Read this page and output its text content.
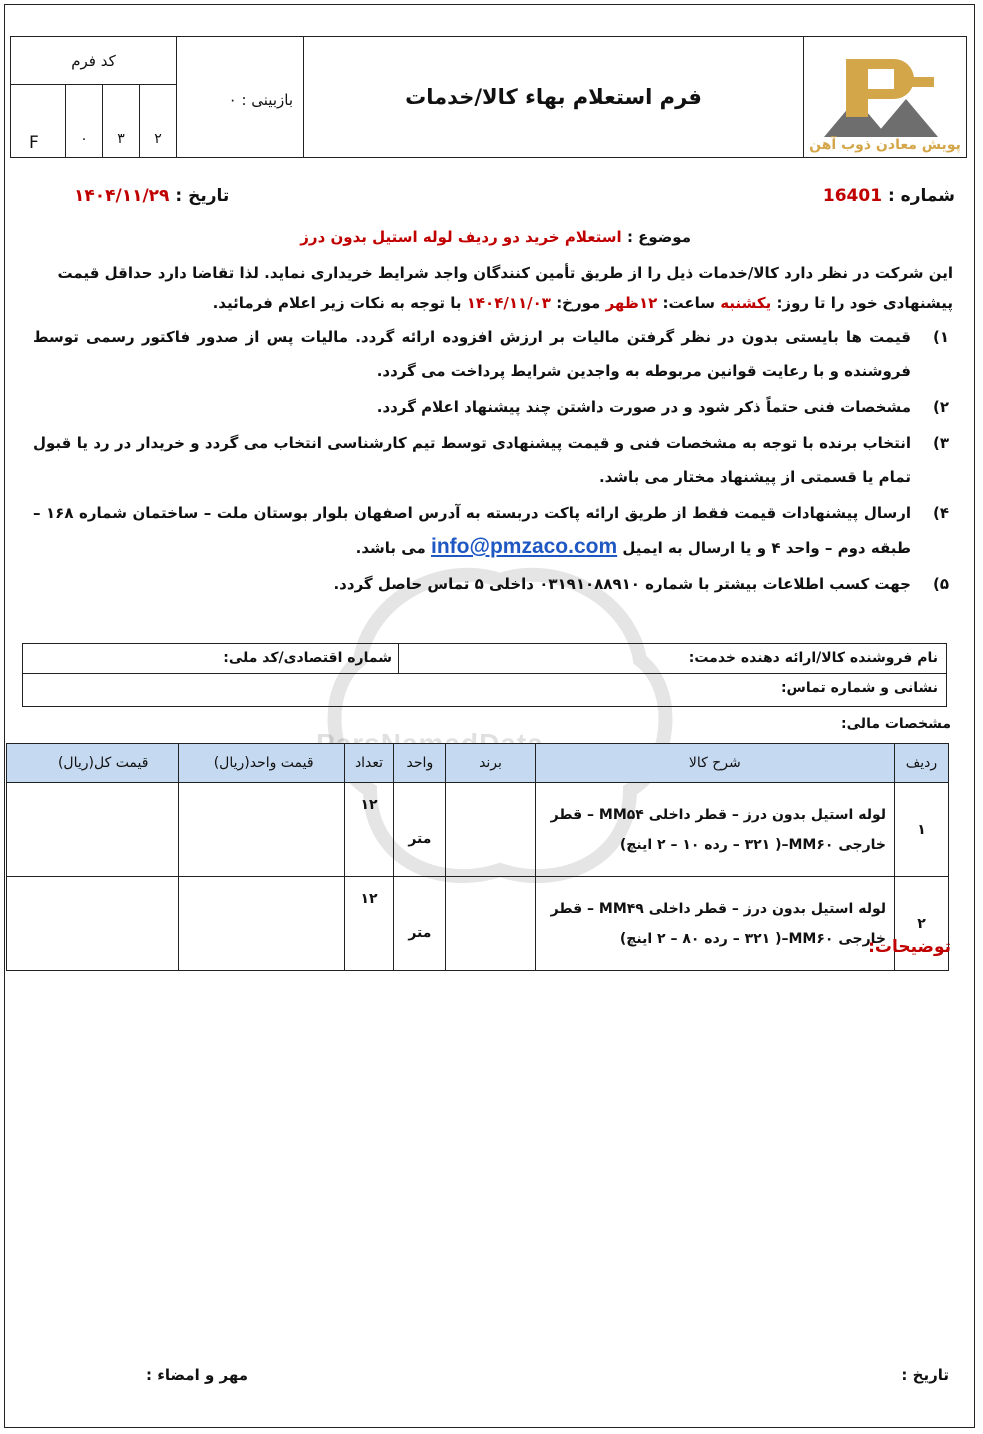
پویش معادن ذوب آهن
فرم استعلام بهاء کالا/خدمات
بازبینی : ۰
کد فرم
F	۰	۳	۲
شماره : 16401
تاریخ : ۱۴۰۴/۱۱/۲۹
موضوع : استعلام خرید دو ردیف لوله استیل بدون درز

این شرکت در نظر دارد کالا/خدمات ذیل را از طریق تأمین کنندگان واجد شرایط خریداری نماید. لذا تقاضا دارد حداقل قیمت

پیشنهادی خود را تا روز: یکشنبه ساعت: ۱۲ظهر مورخ: ۱۴۰۴/۱۱/۰۳ با توجه به نکات زیر اعلام فرمائید.

۱)
قیمت ها بایستی بدون در نظر گرفتن مالیات بر ارزش افزوده ارائه گردد. مالیات پس از صدور فاکتور رسمی توسط فروشنده و با رعایت قوانین مربوطه به واجدین شرایط پرداخت می گردد.
۲)
مشخصات فنی حتماً ذکر شود و در صورت داشتن چند پیشنهاد اعلام گردد.
۳)
انتخاب برنده با توجه به مشخصات فنی و قیمت پیشنهادی توسط تیم کارشناسی انتخاب می گردد و خریدار در رد یا قبول تمام یا قسمتی از پیشنهاد مختار می باشد.
۴)
ارسال پیشنهادات قیمت فقط از طریق ارائه پاکت دربسته به آدرس اصفهان بلوار بوستان ملت – ساختمان شماره ۱۶۸ – طبقه دوم – واحد ۴ و یا ارسال به ایمیل info@pmzaco.com می باشد.
۵)
جهت کسب اطلاعات بیشتر با شماره ۰۳۱۹۱۰۸۸۹۱۰ داخلی ۵ تماس حاصل گردد.
نام فروشنده کالا/ارائه دهنده خدمت:
شماره اقتصادی/کد ملی:
نشانی و شماره تماس:
مشخصات مالی:
ردیف	شرح کالا	برند	واحد	تعداد	قیمت واحد(ریال)	قیمت کل(ریال)
۱	لوله استیل بدون درز – قطر داخلی MM۵۴ – قطر
خارجی MM۶۰–( ۳۲۱ – رده ۱۰ – ۲ اینچ)		متر	۱۲		
۲	لوله استیل بدون درز – قطر داخلی MM۴۹ – قطر
خارجی MM۶۰–( ۳۲۱ – رده ۸۰ – ۲ اینچ)		متر	۱۲		
توضیحات:
تاریخ :
مهر و امضاء :
